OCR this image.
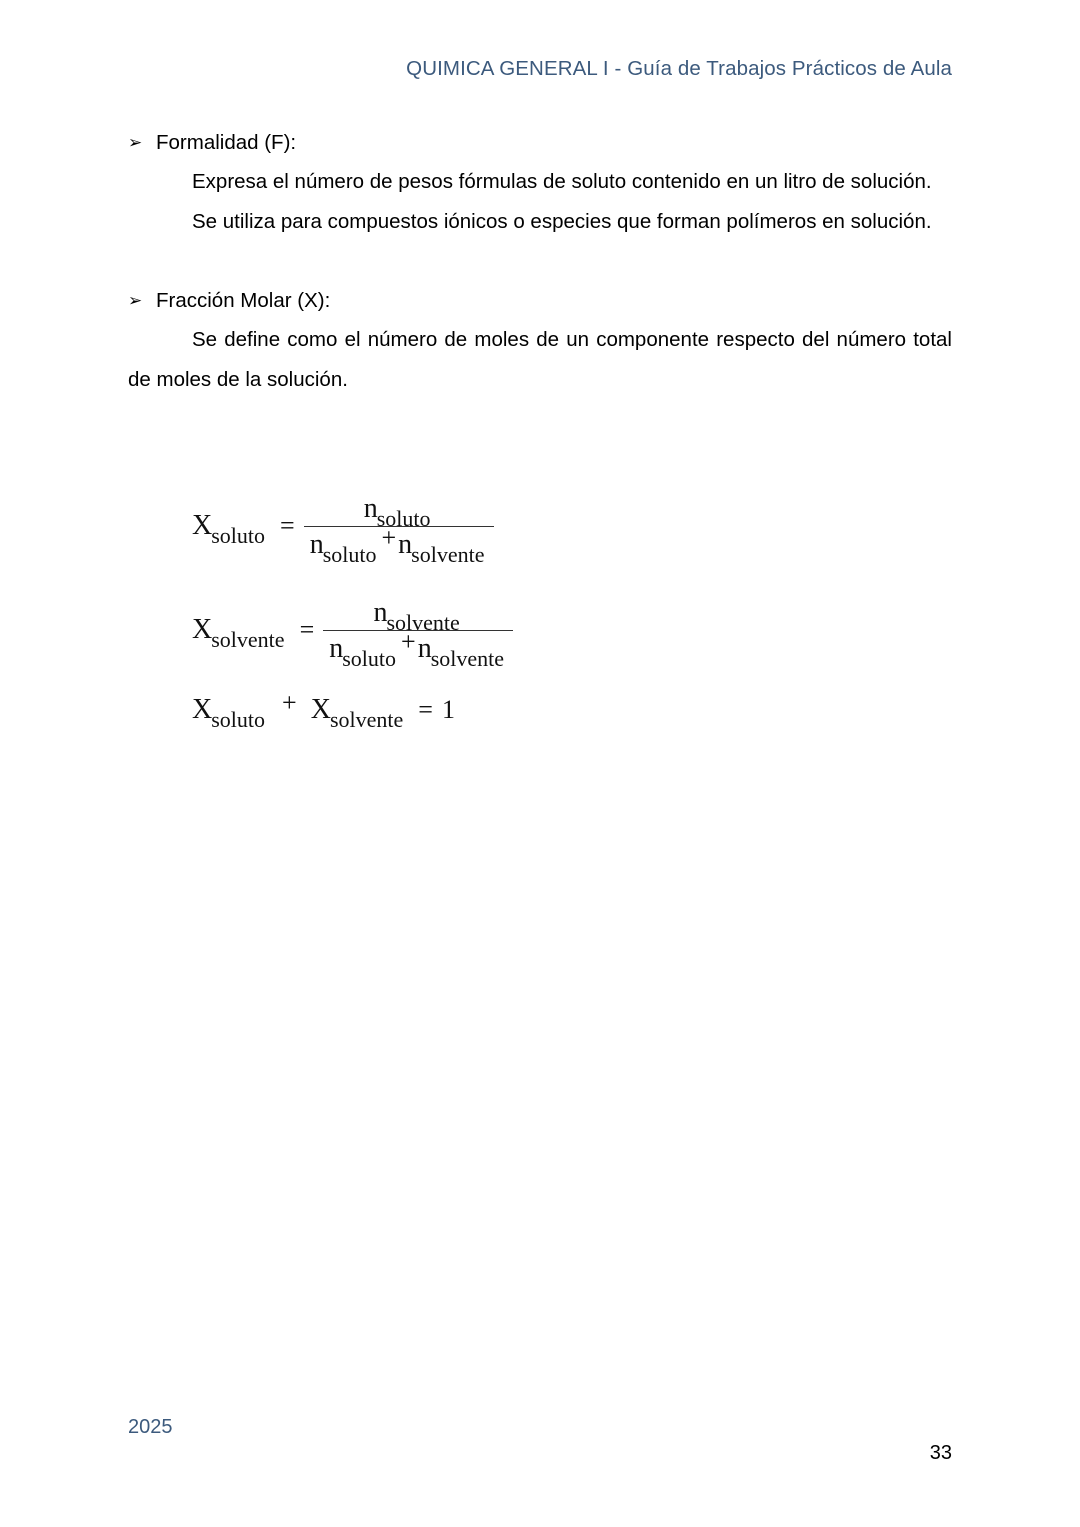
QUIMICA GENERAL I - Guía de Trabajos Prácticos de Aula
➢ Formalidad (F):

Expresa el número de pesos fórmulas de soluto contenido en un litro de solución.

Se utiliza para compuestos iónicos o especies que forman polímeros en solución.

➢ Fracción Molar (X):

Se define como el número de moles de un componente respecto del número total de moles de la solución.

$X_{soluto} = \frac{n_{soluto}}{n_{soluto}+n_{solvente}}$
$X_{solvente} = \frac{n_{solvente}}{n_{soluto}+n_{solvente}}$
$X_{soluto}$
+ $X_{solvente} = 1$
2025
33
